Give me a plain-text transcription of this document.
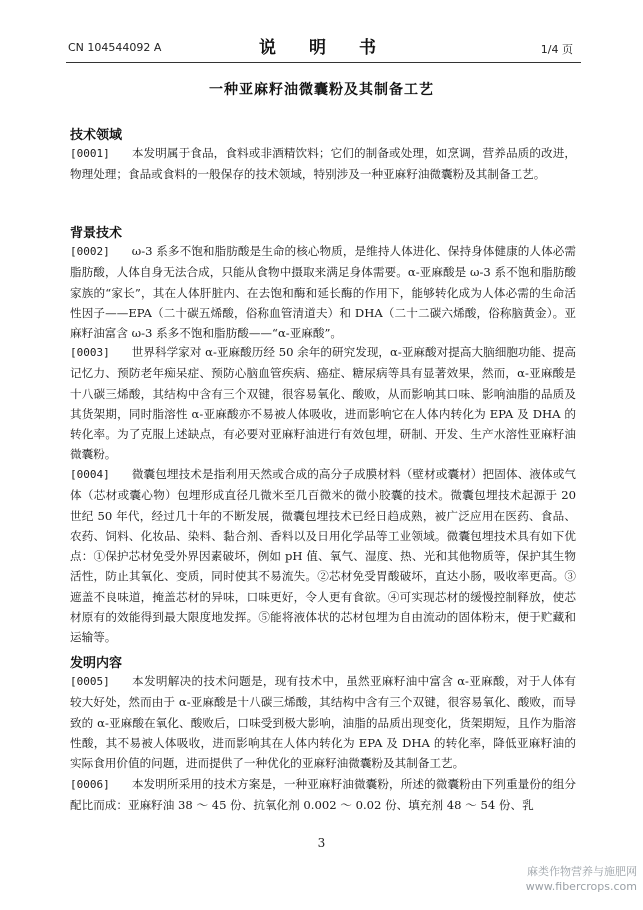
CN 104544092 A	说　明　书	1/4 页
一种亚麻籽油微囊粉及其制备工艺
技术领域
[0001] 本发明属于食品，食料或非酒精饮料；它们的制备或处理，如烹调，营养品质的改进，物理处理；食品或食料的一般保存的技术领域，特别涉及一种亚麻籽油微囊粉及其制备工艺。
背景技术
[0002] ω-3 系多不饱和脂肪酸是生命的核心物质，是维持人体进化、保持身体健康的人体必需脂肪酸，人体自身无法合成，只能从食物中摄取来满足身体需要。α-亚麻酸是 ω-3 系不饱和脂肪酸家族的“家长”，其在人体肝脏内、在去饱和酶和延长酶的作用下，能够转化成为人体必需的生命活性因子——EPA（二十碳五烯酸，俗称血管清道夫）和 DHA（二十二碳六烯酸，俗称脑黄金）。亚麻籽油富含 ω-3 系多不饱和脂肪酸——“α-亚麻酸”。
[0003] 世界科学家对 α-亚麻酸历经 50 余年的研究发现，α-亚麻酸对提高大脑细胞功能、提高记忆力、预防老年痴呆症、预防心脑血管疾病、癌症、糖尿病等具有显著效果，然而，α-亚麻酸是十八碳三烯酸，其结构中含有三个双键，很容易氧化、酸败，从而影响其口味、影响油脂的品质及其货架期，同时脂溶性 α-亚麻酸亦不易被人体吸收，进而影响它在人体内转化为 EPA 及 DHA 的转化率。为了克服上述缺点，有必要对亚麻籽油进行有效包埋，研制、开发、生产水溶性亚麻籽油微囊粉。
[0004] 微囊包埋技术是指利用天然或合成的高分子成膜材料（壁材或囊材）把固体、液体或气体（芯材或囊心物）包埋形成直径几微米至几百微米的微小胶囊的技术。微囊包埋技术起源于 20 世纪 50 年代，经过几十年的不断发展，微囊包埋技术已经日趋成熟，被广泛应用在医药、食品、农药、饲料、化妆品、染料、黏合剂、香料以及日用化学品等工业领域。微囊包埋技术具有如下优点：①保护芯材免受外界因素破坏，例如 pH 值、氧气、湿度、热、光和其他物质等，保护其生物活性，防止其氧化、变质，同时使其不易流失。②芯材免受胃酸破坏，直达小肠，吸收率更高。③遮盖不良味道，掩盖芯材的异味，口味更好，令人更有食欲。④可实现芯材的缓慢控制释放，使芯材原有的效能得到最大限度地发挥。⑤能将液体状的芯材包埋为自由流动的固体粉末，便于贮藏和运输等。
发明内容
[0005] 本发明解决的技术问题是，现有技术中，虽然亚麻籽油中富含 α-亚麻酸，对于人体有较大好处，然而由于 α-亚麻酸是十八碳三烯酸，其结构中含有三个双键，很容易氧化、酸败，而导致的 α-亚麻酸在氧化、酸败后，口味受到极大影响，油脂的品质出现变化，货架期短，且作为脂溶性酸，其不易被人体吸收，进而影响其在人体内转化为 EPA 及 DHA 的转化率，降低亚麻籽油的实际食用价值的问题，进而提供了一种优化的亚麻籽油微囊粉及其制备工艺。
[0006] 本发明所采用的技术方案是，一种亚麻籽油微囊粉，所述的微囊粉由下列重量份的组分配比而成：亚麻籽油 38 ～ 45 份、抗氧化剂 0.002 ～ 0.02 份、填充剂 48 ～ 54 份、乳
3
麻类作物营养与施肥网
www.fibercrops.com
